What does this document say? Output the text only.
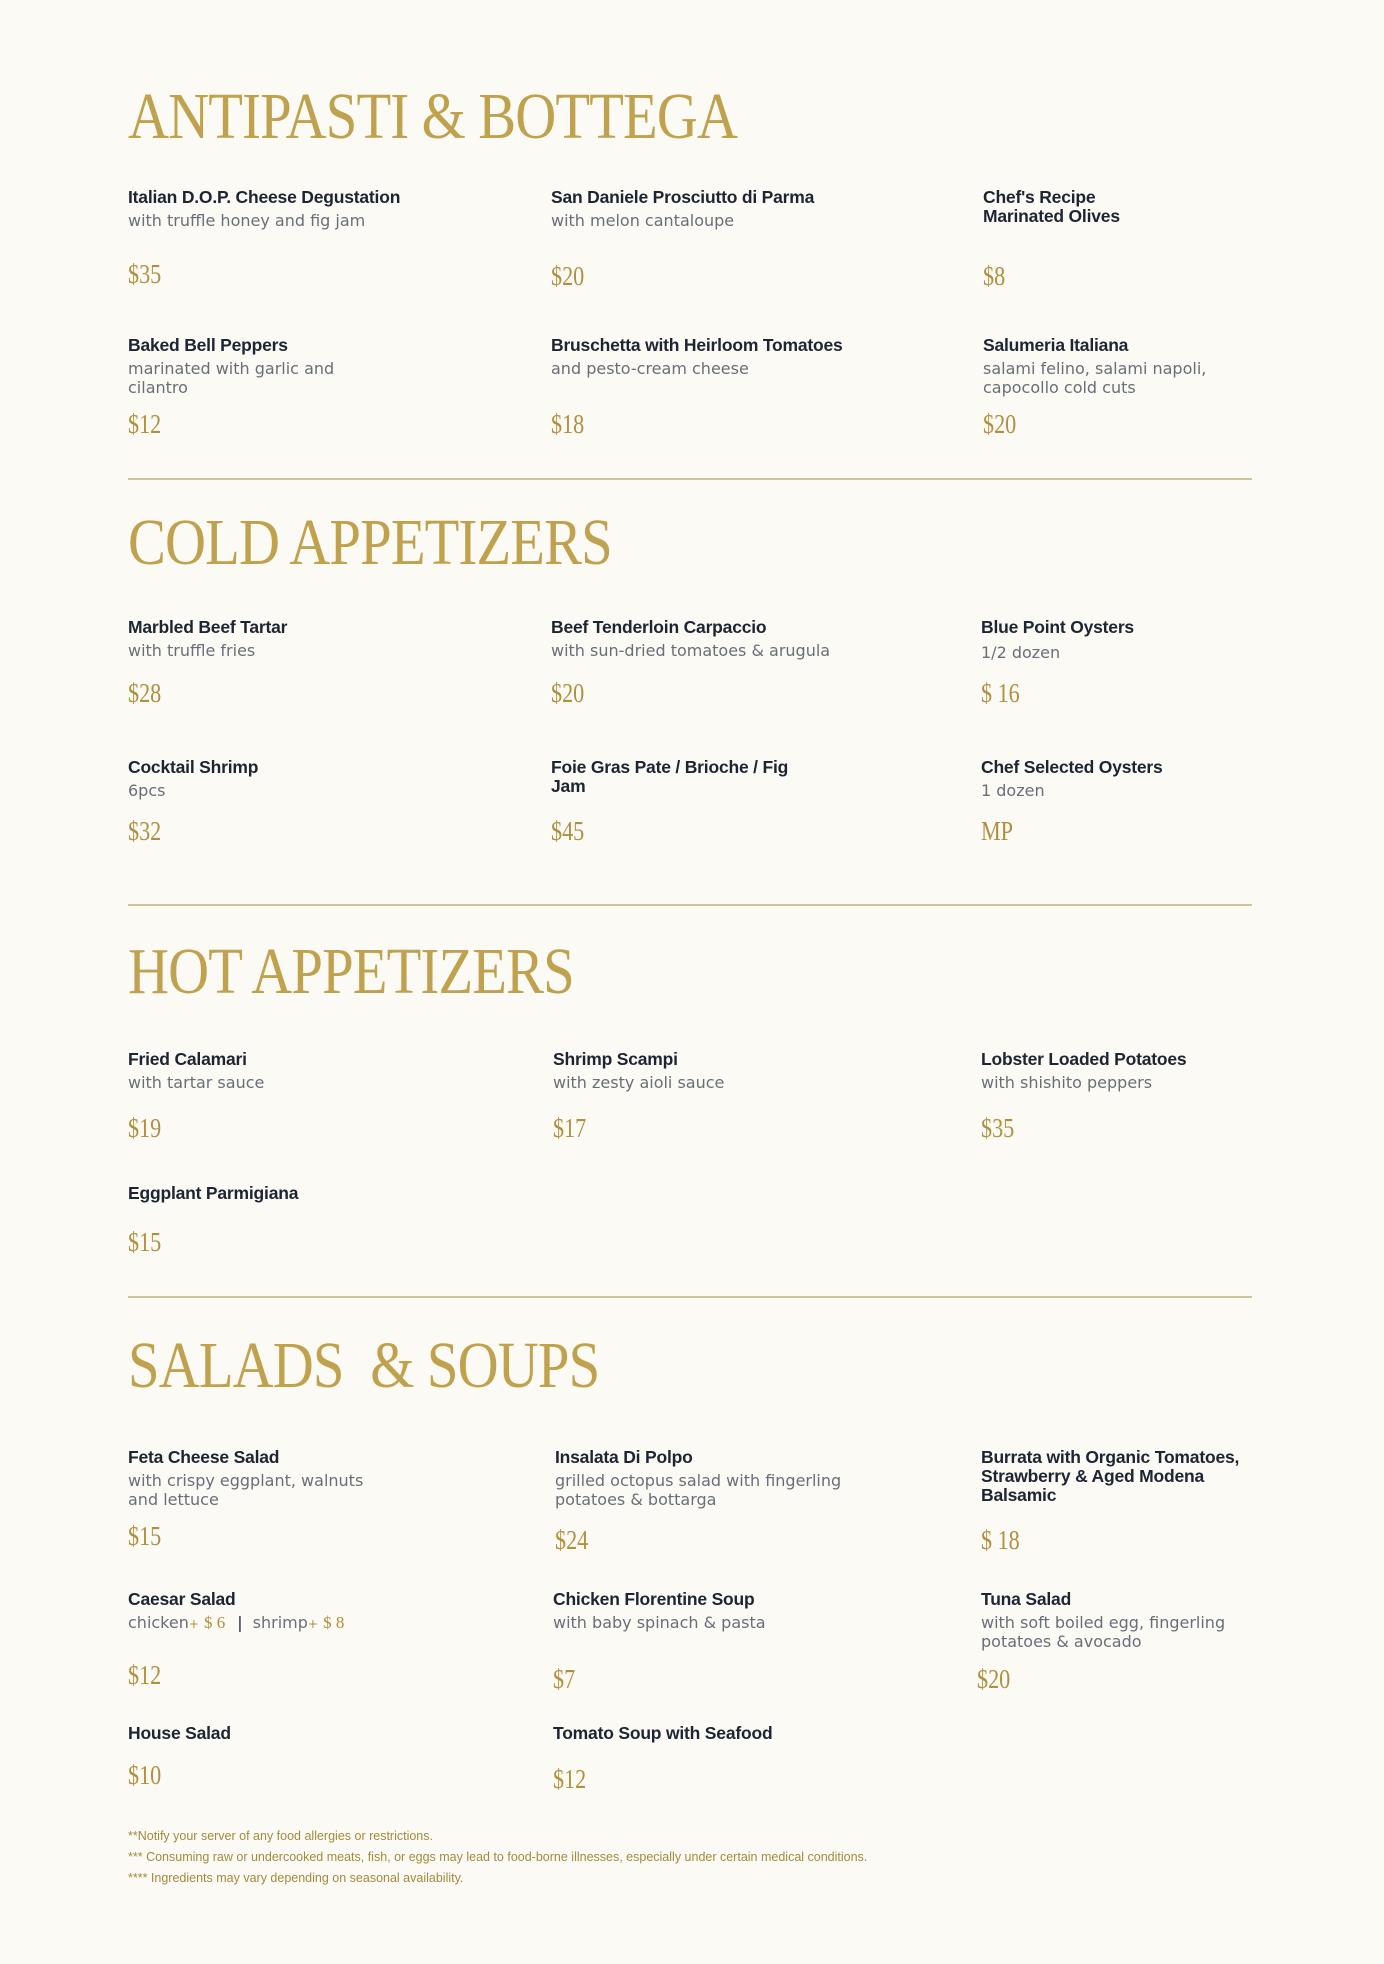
ANTIPASTI & BOTTEGA
Italian D.O.P. Cheese Degustation
with truffle honey and fig jam
$35
San Daniele Prosciutto di Parma
with melon cantaloupe
$20
Chef's Recipe Marinated Olives
$8
Baked Bell Peppers
marinated with garlic and cilantro
$12
Bruschetta with Heirloom Tomatoes
and pesto-cream cheese
$18
Salumeria Italiana
salami felino, salami napoli, capocollo cold cuts
$20
COLD APPETIZERS
Marbled Beef Tartar
with truffle fries
$28
Beef Tenderloin Carpaccio
with sun-dried tomatoes & arugula
$20
Blue Point Oysters
1/2 dozen
$ 16
Cocktail Shrimp
6pcs
$32
Foie Gras Pate / Brioche / Fig Jam
$45
Chef Selected Oysters
1 dozen
MP
HOT APPETIZERS
Fried Calamari
with tartar sauce
$19
Shrimp Scampi
with zesty aioli sauce
$17
Lobster Loaded Potatoes
with shishito peppers
$35
Eggplant Parmigiana
$15
SALADS  & SOUPS
Feta Cheese Salad
with crispy eggplant, walnuts and lettuce
$15
Insalata Di Polpo
grilled octopus salad with fingerling potatoes & bottarga
$24
Burrata with Organic Tomatoes, Strawberry & Aged Modena Balsamic
$ 18
Caesar Salad
chicken+ $ 6 | shrimp+ $ 8
$12
Chicken Florentine Soup
with baby spinach & pasta
$7
Tuna Salad
with soft boiled egg, fingerling potatoes & avocado
$20
House Salad
$10
Tomato Soup with Seafood
$12
**Notify your server of any food allergies or restrictions.
*** Consuming raw or undercooked meats, fish, or eggs may lead to food-borne illnesses, especially under certain medical conditions.
**** Ingredients may vary depending on seasonal availability.
